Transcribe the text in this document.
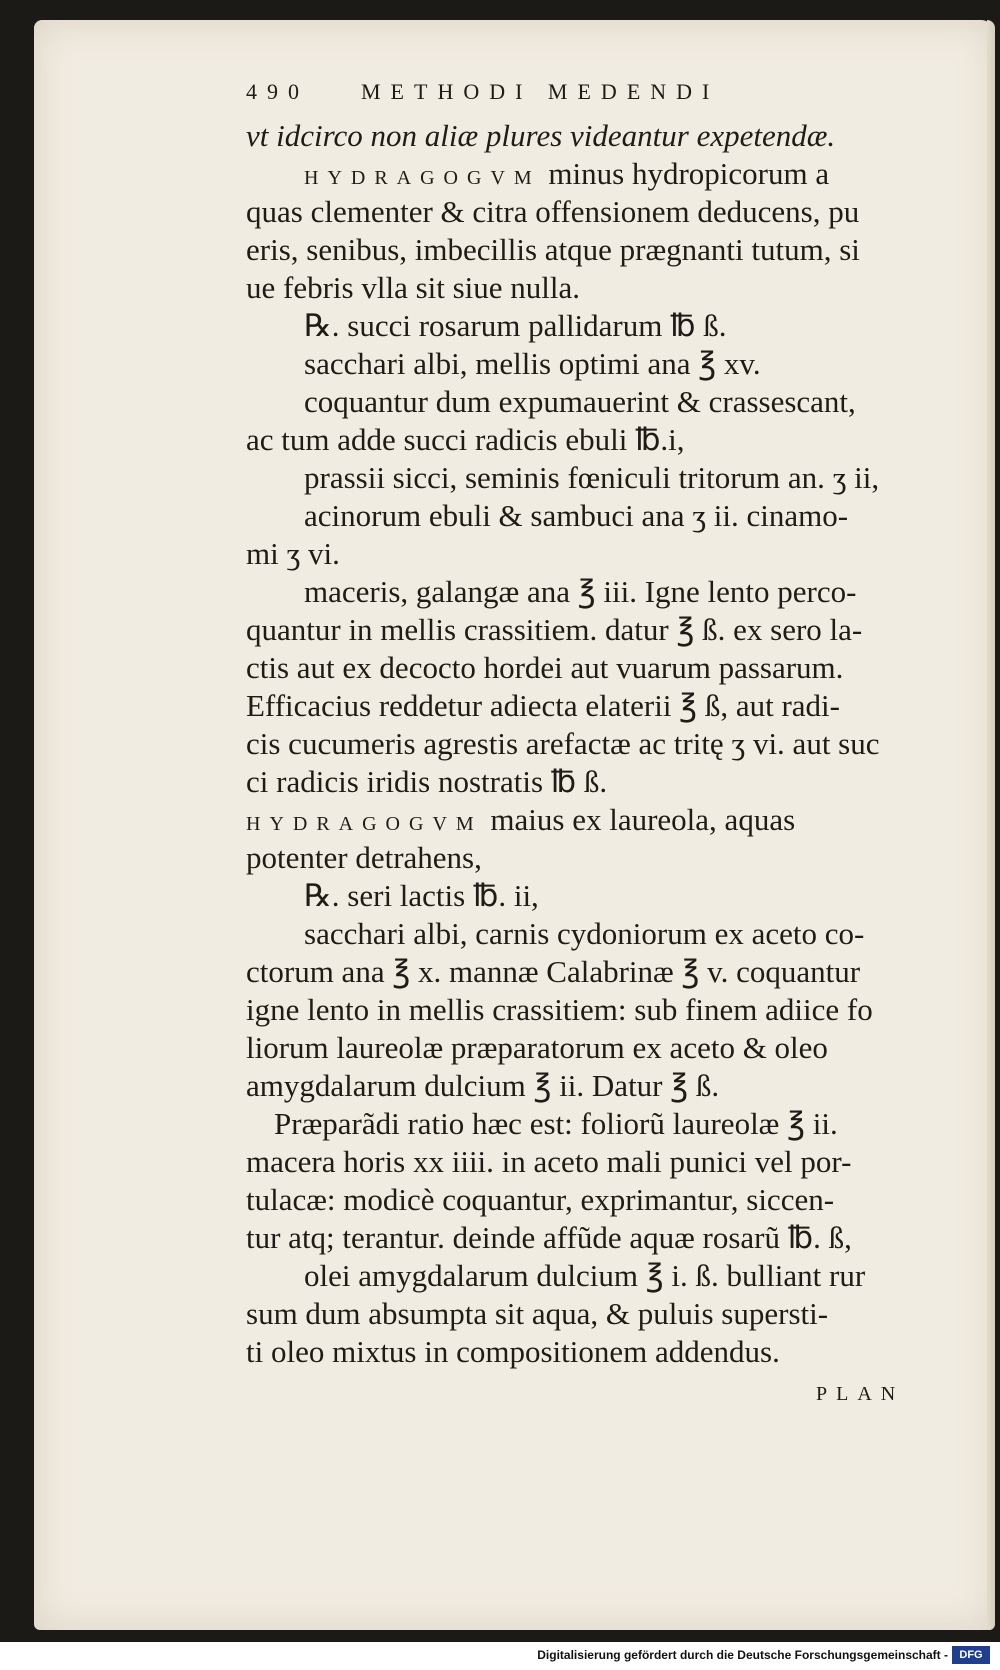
490 METHODI MEDENDI
vt idcirco non aliæ plures videantur expetendæ.
HYDRAGOGVM minus hydropicorum a
quas clementer & citra offensionem deducens, pu
eris, senibus, imbecillis atque prægnanti tutum, si
ue febris vlla sit siue nulla.
℞. succi rosarum pallidarum ℔ ß.
sacchari albi, mellis optimi ana ℥ xv.
coquantur dum expumauerint & crassescant,
ac tum adde succi radicis ebuli ℔.i,
prassii sicci, seminis fœniculi tritorum an. ʒ ii,
acinorum ebuli & sambuci ana ʒ ii. cinamo-
mi ʒ vi.
maceris, galangæ ana ℥ iii. Igne lento perco-
quantur in mellis crassitiem. datur ℥ ß. ex sero la-
ctis aut ex decocto hordei aut vuarum passarum.
Efficacius reddetur adiecta elaterii ℥ ß, aut radi-
cis cucumeris agrestis arefactæ ac tritę ʒ vi. aut suc
ci radicis iridis nostratis ℔ ß.
HYDRAGOGVM maius ex laureola, aquas
potenter detrahens,
℞. seri lactis ℔. ii,
sacchari albi, carnis cydoniorum ex aceto co-
ctorum ana ℥ x. mannæ Calabrinæ ℥ v. coquantur
igne lento in mellis crassitiem: sub finem adiice fo
liorum laureolæ præparatorum ex aceto & oleo
amygdalarum dulcium ℥ ii. Datur ℥ ß.
Præparãdi ratio hæc est: foliorũ laureolæ ℥ ii.
macera horis xx iiii. in aceto mali punici vel por-
tulacæ: modicè coquantur, exprimantur, siccen-
tur atq; terantur. deinde affũde aquæ rosarũ ℔. ß,
olei amygdalarum dulcium ℥ i. ß. bulliant rur
sum dum absumpta sit aqua, & puluis supersti-
ti oleo mixtus in compositionem addendus.
PLAN
Digitalisierung gefördert durch die Deutsche Forschungsgemeinschaft -	DFG
